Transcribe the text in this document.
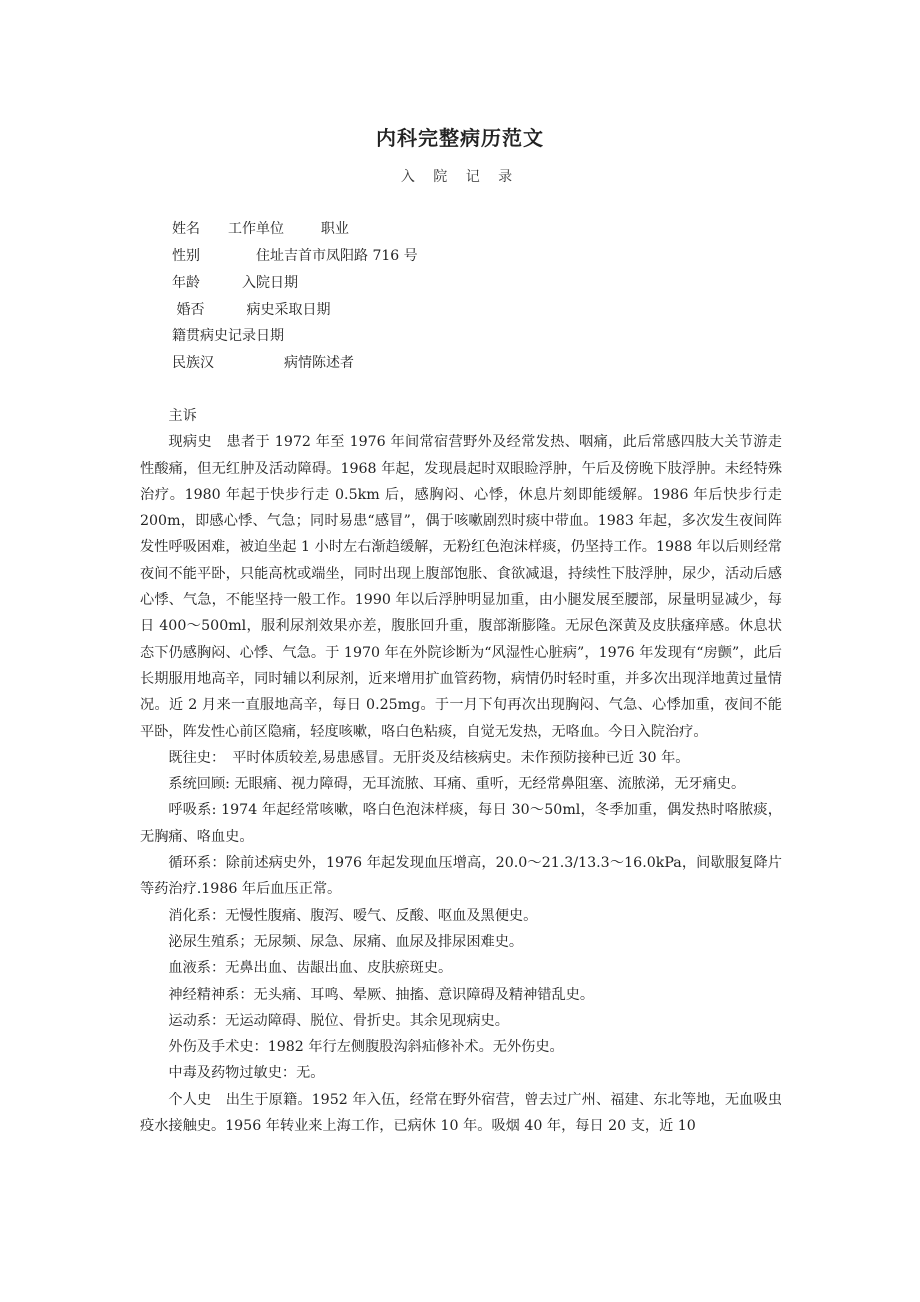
内科完整病历范文
入 院 记 录
姓名　　工作单位　　  职业
性别　　　　住址吉首市凤阳路 716 号
年龄　　　入院日期
婚否　　　病史采取日期
籍贯病史记录日期
民族汉　　　　　病情陈述者

主诉

现病史　患者于 1972 年至 1976 年间常宿营野外及经常发热、咽痛，此后常感四肢大关节游走性酸痛，但无红肿及活动障碍。1968 年起，发现晨起时双眼睑浮肿，午后及傍晚下肢浮肿。未经特殊治疗。1980 年起于快步行走 0.5km 后，感胸闷、心悸，休息片刻即能缓解。1986 年后快步行走 200m，即感心悸、气急；同时易患“感冒”，偶于咳嗽剧烈时痰中带血。1983 年起，多次发生夜间阵发性呼吸困难，被迫坐起 1 小时左右渐趋缓解，无粉红色泡沫样痰，仍坚持工作。1988 年以后则经常夜间不能平卧，只能高枕或端坐，同时出现上腹部饱胀、食欲减退，持续性下肢浮肿，尿少，活动后感心悸、气急，不能坚持一般工作。1990 年以后浮肿明显加重，由小腿发展至腰部，尿量明显减少，每日 400～500ml，服利尿剂效果亦差，腹胀回升重，腹部渐膨隆。无尿色深黄及皮肤瘙痒感。休息状态下仍感胸闷、心悸、气急。于 1970 年在外院诊断为“风湿性心脏病”，1976 年发现有“房颤”，此后长期服用地高辛，同时辅以利尿剂，近来增用扩血管药物，病情仍时轻时重，并多次出现洋地黄过量情况。近 2 月来一直服地高辛，每日 0.25mg。于一月下旬再次出现胸闷、气急、心悸加重，夜间不能平卧，阵发性心前区隐痛，轻度咳嗽，咯白色粘痰，自觉无发热，无咯血。今日入院治疗。

既往史：　平时体质较差,易患感冒。无肝炎及结核病史。未作预防接种已近 30 年。

系统回顾: 无眼痛、视力障碍，无耳流脓、耳痛、重听，无经常鼻阻塞、流脓涕，无牙痛史。

呼吸系: 1974 年起经常咳嗽，咯白色泡沫样痰，每日 30～50ml，冬季加重，偶发热时咯脓痰，无胸痛、咯血史。

循环系：除前述病史外，1976 年起发现血压增高，20.0～21.3/13.3～16.0kPa，间歇服复降片等药治疗.1986 年后血压正常。

消化系：无慢性腹痛、腹泻、嗳气、反酸、呕血及黑便史。

泌尿生殖系；无尿频、尿急、尿痛、血尿及排尿困难史。

血液系：无鼻出血、齿龈出血、皮肤瘀斑史。

神经精神系：无头痛、耳鸣、晕厥、抽搐、意识障碍及精神错乱史。

运动系：无运动障碍、脱位、骨折史。其余见现病史。

外伤及手术史：1982 年行左侧腹股沟斜疝修补术。无外伤史。

中毒及药物过敏史：无。

个人史　出生于原籍。1952 年入伍，经常在野外宿营，曾去过广州、福建、东北等地，无血吸虫疫水接触史。1956 年转业来上海工作，已病休 10 年。吸烟 40 年，每日 20 支，近 10
